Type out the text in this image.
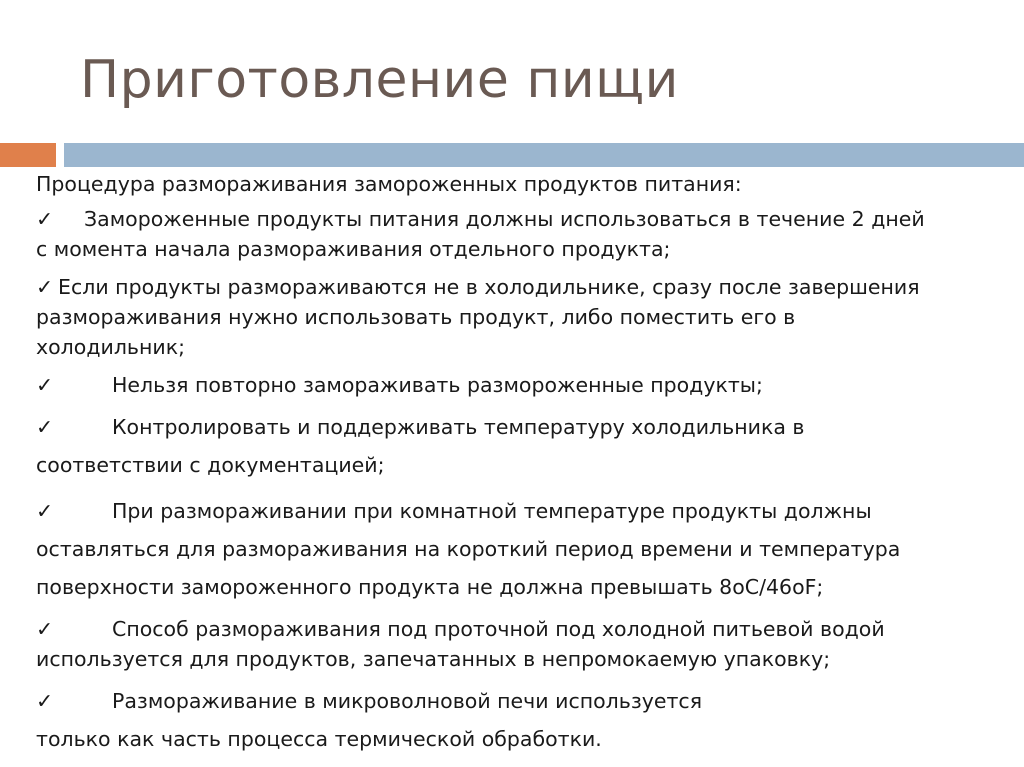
Приготовление пищи
Процедура размораживания замороженных продуктов питания:
✓ Замороженные продукты питания должны использоваться в течение 2 дней
с момента начала размораживания отдельного продукта;
✓ Если продукты размораживаются не в холодильнике, сразу после завершения
размораживания нужно использовать продукт, либо поместить его в
холодильник;
✓	Нельзя повторно замораживать размороженные продукты;
✓	Контролировать и поддерживать температуру холодильника в
соответствии с документацией;
✓	При размораживании при комнатной температуре продукты должны
оставляться для размораживания на короткий период времени и температура
поверхности замороженного продукта не должна превышать 8oC/46oF;
✓	Способ размораживания под проточной под холодной питьевой водой
используется для продуктов, запечатанных в непромокаемую упаковку;
✓	Размораживание в микроволновой печи используется
только как часть процесса термической обработки.
